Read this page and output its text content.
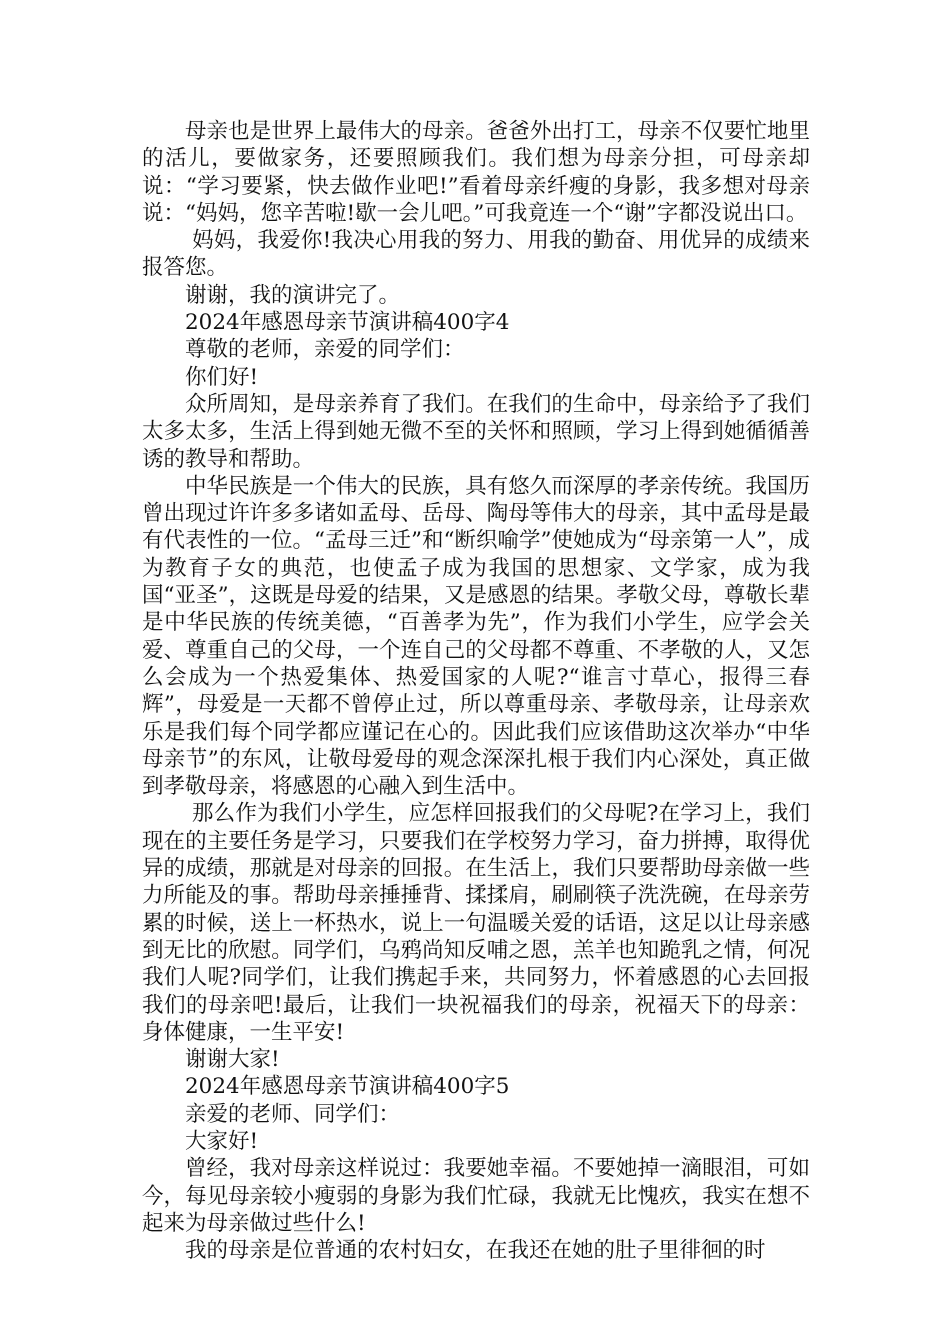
母亲也是世界上最伟大的母亲。爸爸外出打工，母亲不仅要忙地里的活儿，要做家务，还要照顾我们。我们想为母亲分担，可母亲却说：“学习要紧，快去做作业吧!”看着母亲纤瘦的身影，我多想对母亲说：“妈妈，您辛苦啦!歇一会儿吧。”可我竟连一个“谢”字都没说出口。

妈妈，我爱你!我决心用我的努力、用我的勤奋、用优异的成绩来报答您。

谢谢，我的演讲完了。

2024年感恩母亲节演讲稿400字4

尊敬的老师，亲爱的同学们：

你们好!

众所周知，是母亲养育了我们。在我们的生命中，母亲给予了我们太多太多，生活上得到她无微不至的关怀和照顾，学习上得到她循循善诱的教导和帮助。

中华民族是一个伟大的民族，具有悠久而深厚的孝亲传统。我国历曾出现过许许多多诸如孟母、岳母、陶母等伟大的母亲，其中孟母是最有代表性的一位。“孟母三迁”和“断织喻学”使她成为“母亲第一人”，成为教育子女的典范，也使孟子成为我国的思想家、文学家，成为我国“亚圣”，这既是母爱的结果，又是感恩的结果。孝敬父母，尊敬长辈是中华民族的传统美德，“百善孝为先”，作为我们小学生，应学会关爱、尊重自己的父母，一个连自己的父母都不尊重、不孝敬的人，又怎么会成为一个热爱集体、热爱国家的人呢?“谁言寸草心，报得三春辉”，母爱是一天都不曾停止过，所以尊重母亲、孝敬母亲，让母亲欢乐是我们每个同学都应谨记在心的。因此我们应该借助这次举办“中华母亲节”的东风，让敬母爱母的观念深深扎根于我们内心深处，真正做到孝敬母亲，将感恩的心融入到生活中。

那么作为我们小学生，应怎样回报我们的父母呢?在学习上，我们现在的主要任务是学习，只要我们在学校努力学习，奋力拼搏，取得优异的成绩，那就是对母亲的回报。在生活上，我们只要帮助母亲做一些力所能及的事。帮助母亲捶捶背、揉揉肩，刷刷筷子洗洗碗，在母亲劳累的时候，送上一杯热水，说上一句温暖关爱的话语，这足以让母亲感到无比的欣慰。同学们，乌鸦尚知反哺之恩，羔羊也知跪乳之情，何况我们人呢?同学们，让我们携起手来，共同努力，怀着感恩的心去回报我们的母亲吧!最后，让我们一块祝福我们的母亲，祝福天下的母亲：身体健康，一生平安!

谢谢大家!

2024年感恩母亲节演讲稿400字5

亲爱的老师、同学们：

大家好!

曾经，我对母亲这样说过：我要她幸福。不要她掉一滴眼泪，可如今，每见母亲较小瘦弱的身影为我们忙碌，我就无比愧疚，我实在想不起来为母亲做过些什么!

我的母亲是位普通的农村妇女，在我还在她的肚子里徘徊的时
